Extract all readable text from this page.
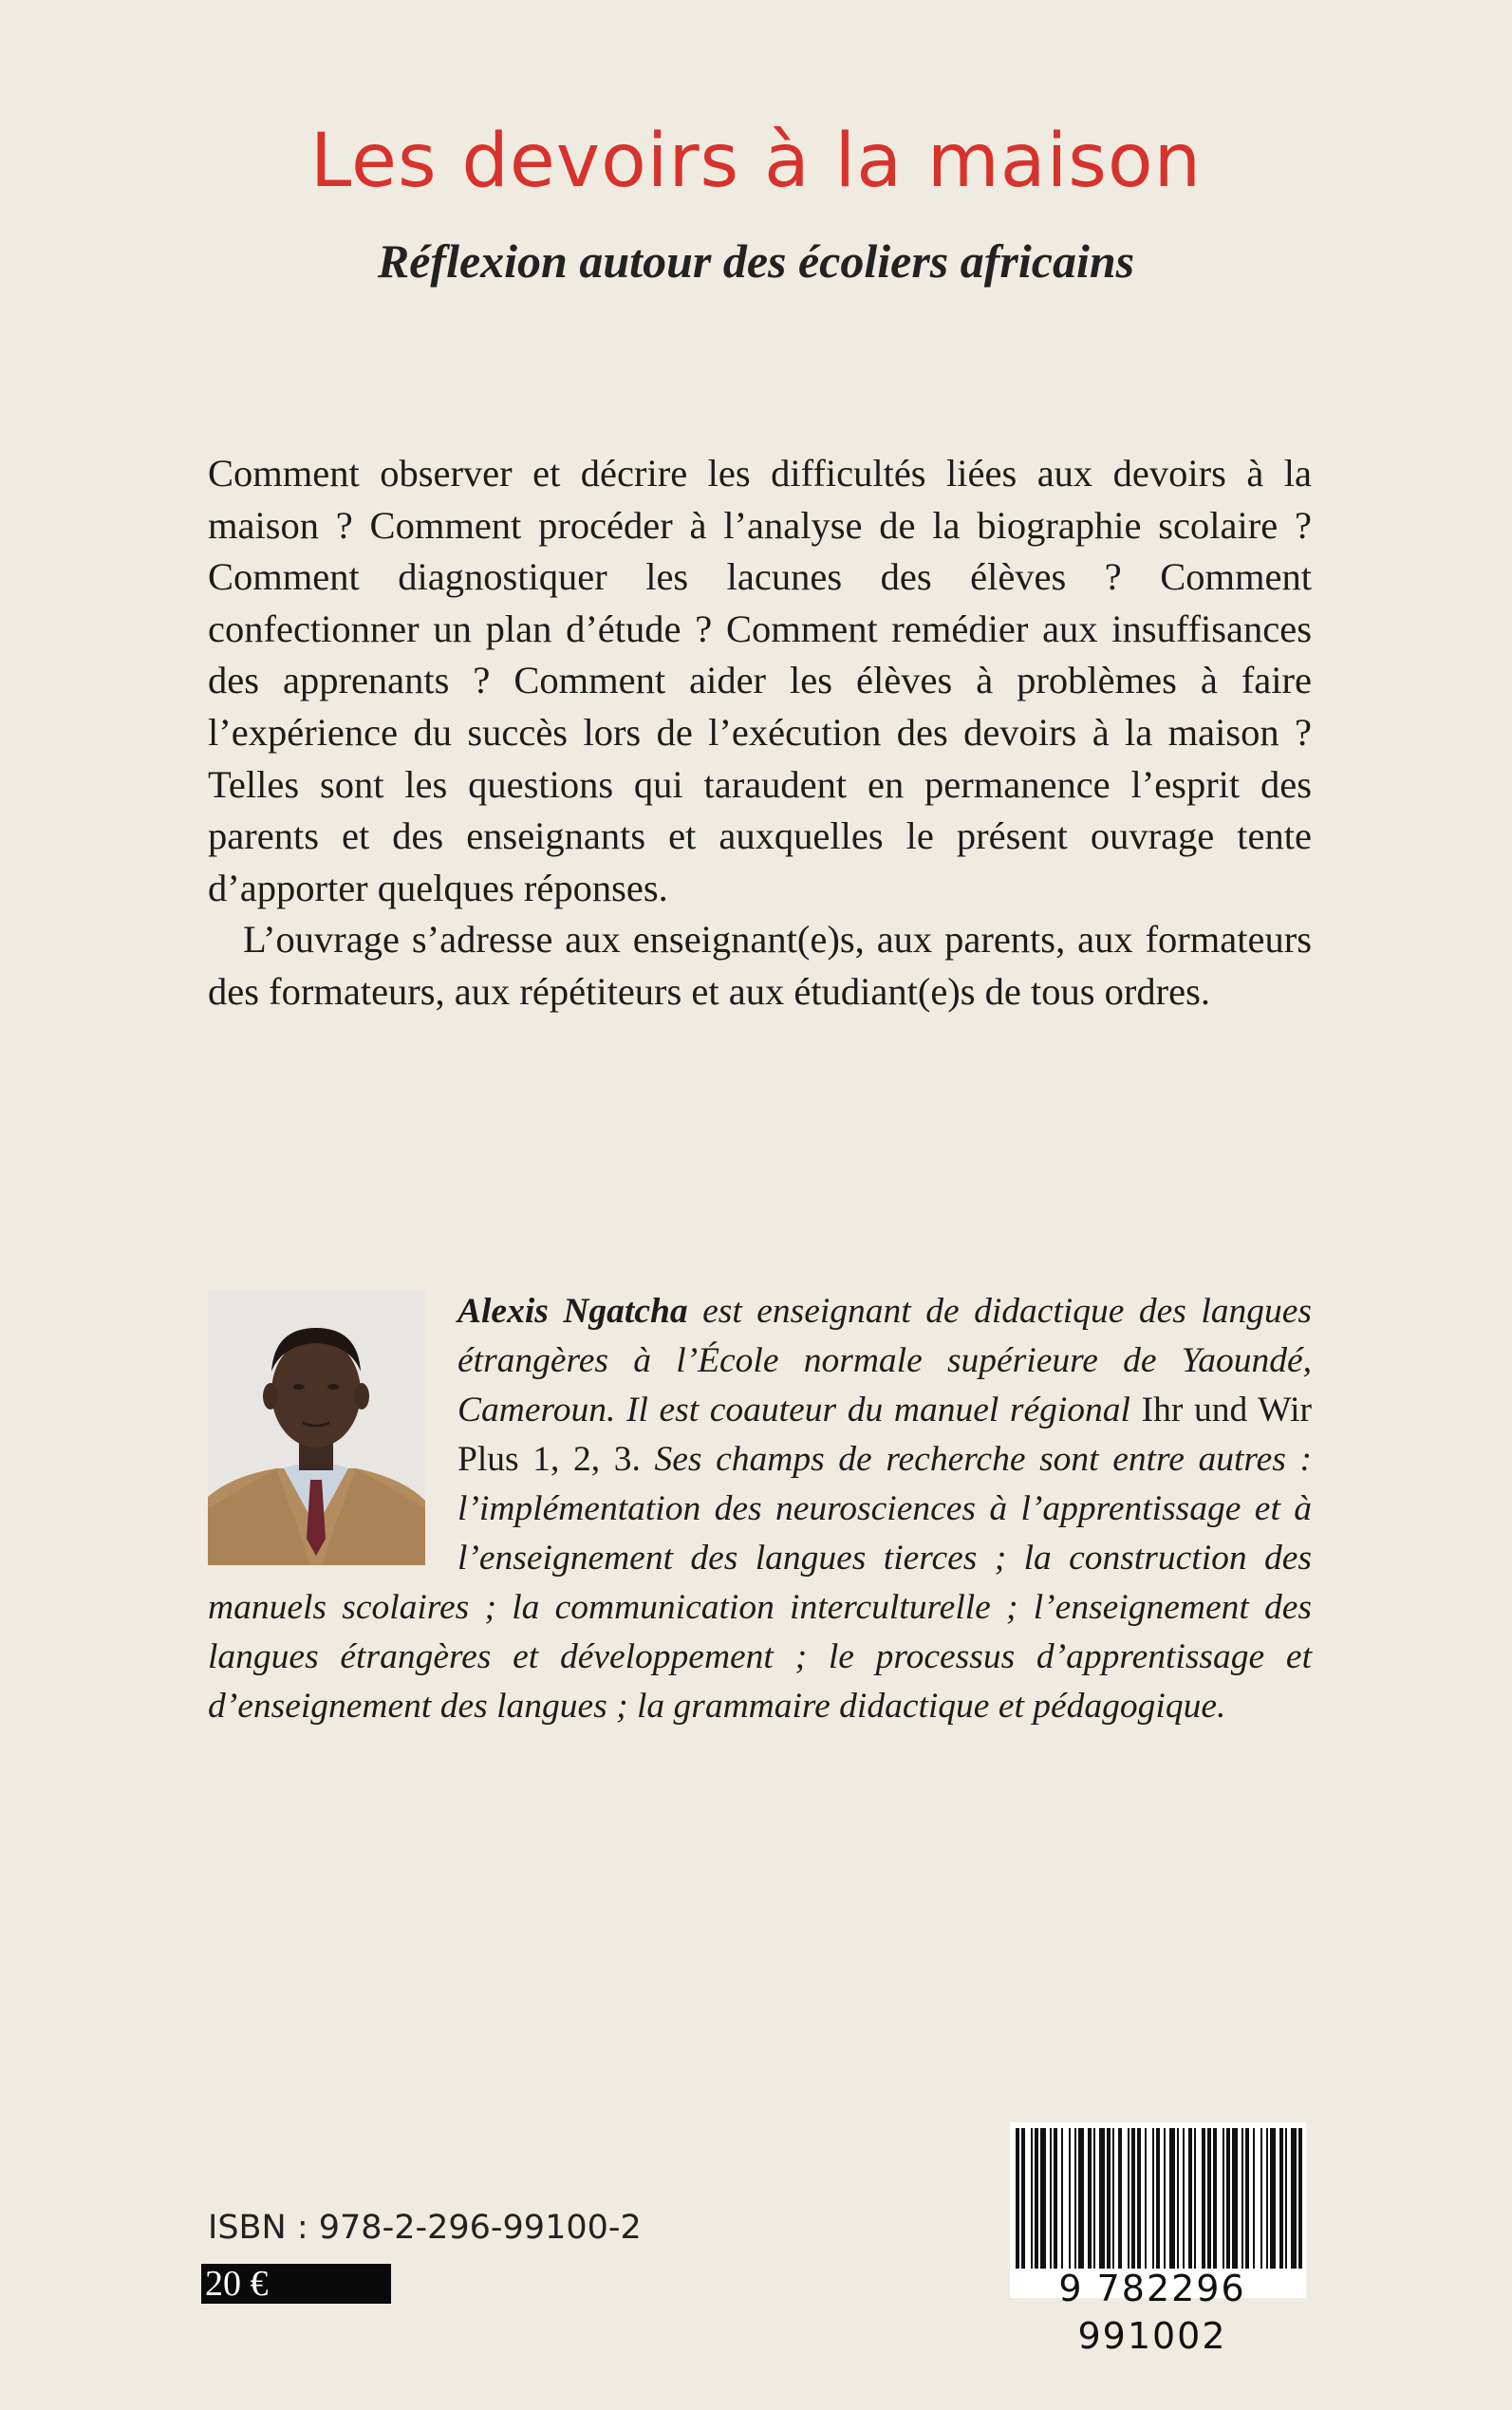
Les devoirs à la maison
Réflexion autour des écoliers africains

Comment observer et décrire les difficultés liées aux devoirs à la maison ? Comment procéder à l’analyse de la biographie scolaire ? Comment diagnostiquer les lacunes des élèves ? Comment confectionner un plan d’étude ? Comment remédier aux insuffisances des apprenants ? Comment aider les élèves à problèmes à faire l’expérience du succès lors de l’exécution des devoirs à la maison ? Telles sont les questions qui taraudent en permanence l’esprit des parents et des enseignants et auxquelles le présent ouvrage tente d’apporter quelques réponses.

L’ouvrage s’adresse aux enseignant(e)s, aux parents, aux formateurs des formateurs, aux répétiteurs et aux étudiant(e)s de tous ordres.

Alexis Ngatcha est enseignant de didactique des langues étrangères à l’École normale supérieure de Yaoundé, Cameroun. Il est coauteur du manuel régional Ihr und Wir Plus 1, 2, 3. Ses champs de recherche sont entre autres : l’implémentation des neurosciences à l’apprentissage et à l’enseignement des langues tierces ; la construction des manuels scolaires ; la communication interculturelle ; l’enseignement des langues étrangères et développement ; le processus d’apprentissage et d’enseignement des langues ; la grammaire didactique et pédagogique.

ISBN : 978-2-296-99100-2

20 €	9 782296 991002
